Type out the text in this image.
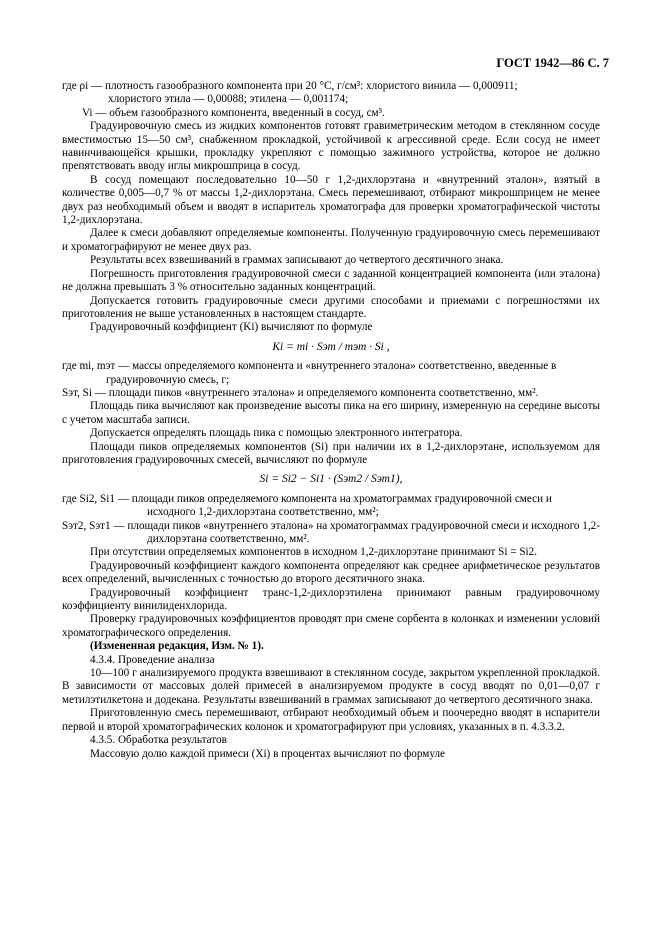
ГОСТ 1942—86 С. 7

где ρi — плотность газообразного компонента при 20 °С, г/см³: хлористого винила — 0,000911;

хлористого этила — 0,00088; этилена — 0,001174;

Vi — объем газообразного компонента, введенный в сосуд, см³.

Градуировочную смесь из жидких компонентов готовят гравиметрическим методом в стеклянном сосуде вместимостью 15—50 см³, снабженном прокладкой, устойчивой к агрессивной среде. Если сосуд не имеет навинчивающейся крышки, прокладку укрепляют с помощью зажимного устройства, которое не должно препятствовать вводу иглы микрошприца в сосуд.

В сосуд помещают последовательно 10—50 г 1,2-дихлорэтана и «внутренний эталон», взятый в количестве 0,005—0,7 % от массы 1,2-дихлорэтана. Смесь перемешивают, отбирают микрошприцем не менее двух раз необходимый объем и вводят в испаритель хроматографа для проверки хроматографической чистоты 1,2-дихлорэтана.

Далее к смеси добавляют определяемые компоненты. Полученную градуировочную смесь перемешивают и хроматографируют не менее двух раз.

Результаты всех взвешиваний в граммах записывают до четвертого десятичного знака.

Погрешность приготовления градуировочной смеси с заданной концентрацией компонента (или эталона) не должна превышать 3 % относительно заданных концентраций.

Допускается готовить градуировочные смеси другими способами и приемами с погрешностями их приготовления не выше установленных в настоящем стандарте.

Градуировочный коэффициент (Ki) вычисляют по формуле

Ki = mi · Sэт / mэт · Si ,

где mi, mэт — массы определяемого компонента и «внутреннего эталона» соответственно, введенные в градуировочную смесь, г;

Sэт, Si — площади пиков «внутреннего эталона» и определяемого компонента соответственно, мм².

Площадь пика вычисляют как произведение высоты пика на его ширину, измеренную на середине высоты с учетом масштаба записи.

Допускается определять площадь пика с помощью электронного интегратора.

Площади пиков определяемых компонентов (Si) при наличии их в 1,2-дихлорэтане, используемом для приготовления градуировочных смесей, вычисляют по формуле

Si = Si2 − Si1 · (Sэт2 / Sэт1),

где Si2, Si1 — площади пиков определяемого компонента на хроматограммах градуировочной смеси и исходного 1,2-дихлорэтана соответственно, мм²;

Sэт2, Sэт1 — площади пиков «внутреннего эталона» на хроматограммах градуировочной смеси и исходного 1,2-дихлорэтана соответственно, мм².

При отсутствии определяемых компонентов в исходном 1,2-дихлорэтане принимают Si = Si2.

Градуировочный коэффициент каждого компонента определяют как среднее арифметическое результатов всех определений, вычисленных с точностью до второго десятичного знака.

Градуировочный коэффициент транс-1,2-дихлорэтилена принимают равным градуировочному коэффициенту винилиденхлорида.

Проверку градуировочных коэффициентов проводят при смене сорбента в колонках и изменении условий хроматографического определения.

(Измененная редакция, Изм. № 1).

4.3.4. Проведение анализа

10—100 г анализируемого продукта взвешивают в стеклянном сосуде, закрытом укрепленной прокладкой. В зависимости от массовых долей примесей в анализируемом продукте в сосуд вводят по 0,01—0,07 г метилэтилкетона и додекана. Результаты взвешиваний в граммах записывают до четвертого десятичного знака.

Приготовленную смесь перемешивают, отбирают необходимый объем и поочередно вводят в испарители первой и второй хроматографических колонок и хроматографируют при условиях, указанных в п. 4.3.3.2.

4.3.5. Обработка результатов

Массовую долю каждой примеси (Xi) в процентах вычисляют по формуле
